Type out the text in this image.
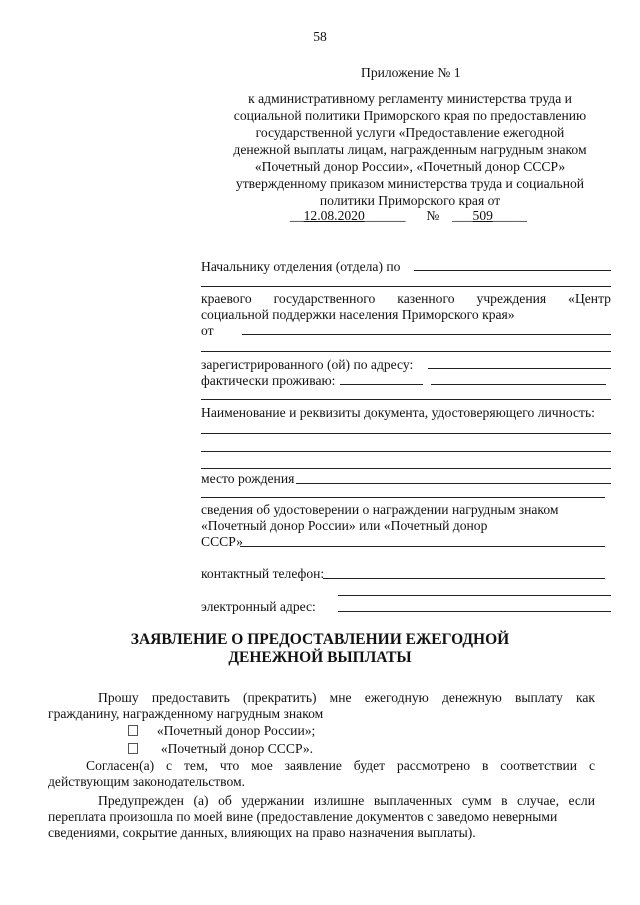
58
Приложение № 1
к административному регламенту министерства труда и
социальной политики Приморского края по предоставлению
государственной услуги «Предоставление ежегодной
денежной выплаты лицам, награжденным нагрудным знаком
«Почетный донор России», «Почетный донор СССР»
утвержденному приказом министерства труда и социальной
политики Приморского края от
__12.08.2020______ № ___509_____
Начальнику отделения (отдела) по
краевого государственного казенного учреждения «Центр
социальной поддержки населения Приморского края»
от
зарегистрированного (ой) по адресу:
фактически проживаю:
Наименование и реквизиты документа, удостоверяющего личность:
место рождения
сведения об удостоверении о награждении нагрудным знаком
«Почетный донор России» или «Почетный донор
СССР»
контактный телефон:
электронный адрес:
ЗАЯВЛЕНИЕ О ПРЕДОСТАВЛЕНИИ ЕЖЕГОДНОЙ
ДЕНЕЖНОЙ ВЫПЛАТЫ
Прошу предоставить (прекратить) мне ежегодную денежную выплату как
гражданину, награжденному нагрудным знаком
«Почетный донор России»;
«Почетный донор СССР».
Согласен(а) с тем, что мое заявление будет рассмотрено в соответствии с
действующим законодательством.
Предупрежден (а) об удержании излишне выплаченных сумм в случае, если
переплата произошла по моей вине (предоставление документов с заведомо неверными
сведениями, сокрытие данных, влияющих на право назначения выплаты).
